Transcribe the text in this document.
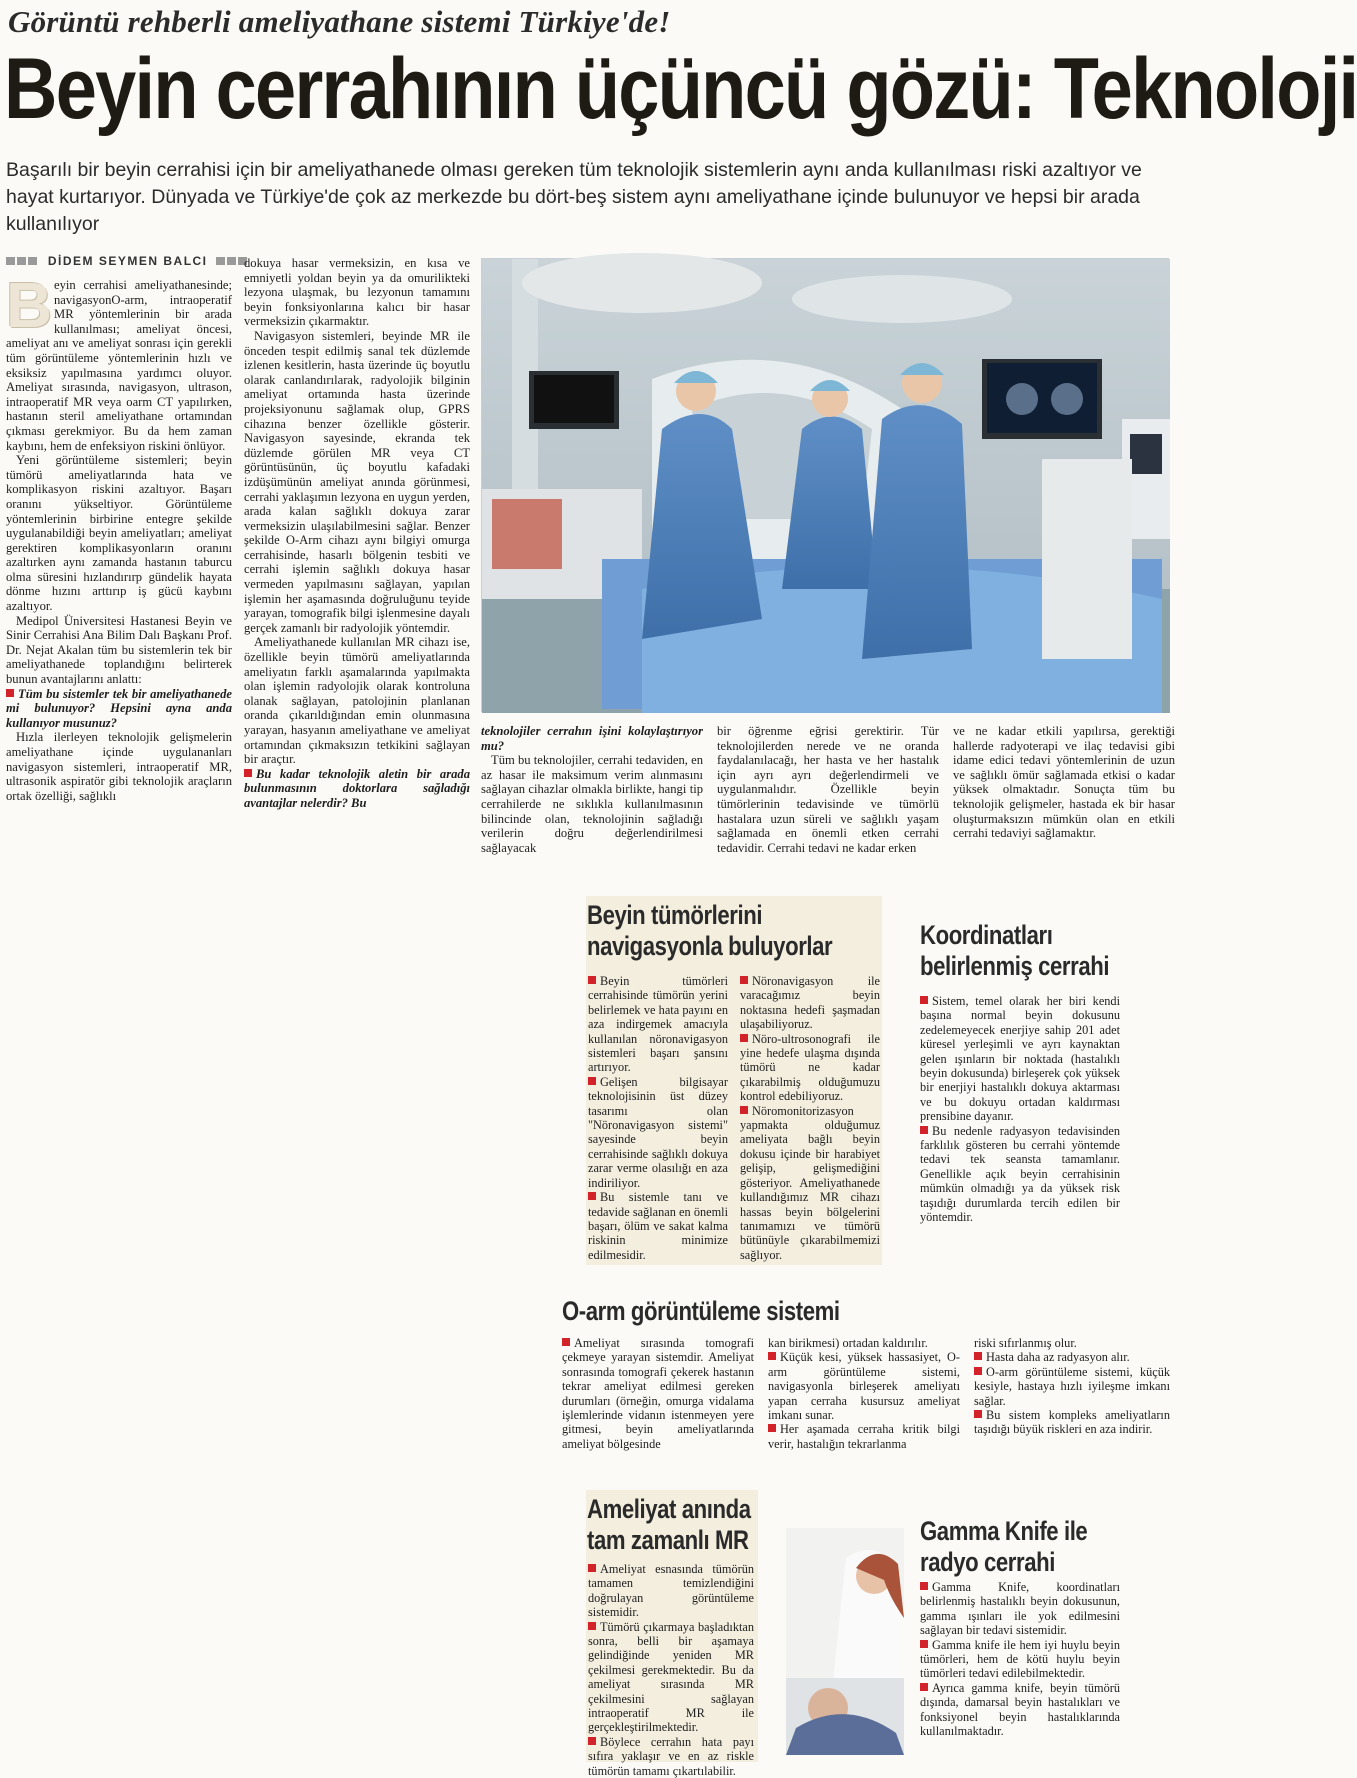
Görüntü rehberli ameliyathane sistemi Türkiye'de!
Beyin cerrahının üçüncü gözü: Teknoloji
Başarılı bir beyin cerrahisi için bir ameliyathanede olması gereken tüm teknolojik sistemlerin aynı anda kullanılması riski azaltıyor ve hayat kurtarıyor. Dünyada ve Türkiye'de çok az merkezde bu dört-beş sistem aynı ameliyathane içinde bulunuyor ve hepsi bir arada kullanılıyor
DİDEM SEYMEN BALCI

Beyin cerrahisi ameliyathanesinde; navigasyonO-arm, intraoperatif MR yöntemlerinin bir arada kullanılması; ameliyat öncesi, ameliyat anı ve ameliyat sonrası için gerekli tüm görüntüleme yöntemlerinin hızlı ve eksiksiz yapılmasına yardımcı oluyor. Ameliyat sırasında, navigasyon, ultrason, intraoperatif MR veya oarm CT yapılırken, hastanın steril ameliyathane ortamından çıkması gerekmiyor. Bu da hem zaman kaybını, hem de enfeksiyon riskini önlüyor.

Yeni görüntüleme sistemleri; beyin tümörü ameliyatlarında hata ve komplikasyon riskini azaltıyor. Başarı oranını yükseltiyor. Görüntüleme yöntemlerinin birbirine entegre şekilde uygulanabildiği beyin ameliyatları; ameliyat gerektiren komplikasyonların oranını azaltırken aynı zamanda hastanın taburcu olma süresini hızlandırırp gündelik hayata dönme hızını arttırıp iş gücü kaybını azaltıyor.

Medipol Üniversitesi Hastanesi Beyin ve Sinir Cerrahisi Ana Bilim Dalı Başkanı Prof. Dr. Nejat Akalan tüm bu sistemlerin tek bir ameliyathanede toplandığını belirterek bunun avantajlarını anlattı:

Tüm bu sistemler tek bir ameliyathanede mi bulunuyor? Hepsini ayna anda kullanıyor musunuz?

Hızla ilerleyen teknolojik gelişmelerin ameliyathane içinde uygulananları navigasyon sistemleri, intraoperatif MR, ultrasonik aspiratör gibi teknolojik araçların ortak özelliği, sağlıklı

dokuya hasar vermeksizin, en kısa ve emniyetli yoldan beyin ya da omurilikteki lezyona ulaşmak, bu lezyonun tamamını beyin fonksiyonlarına kalıcı bir hasar vermeksizin çıkarmaktır.

Navigasyon sistemleri, beyinde MR ile önceden tespit edilmiş sanal tek düzlemde izlenen kesitlerin, hasta üzerinde üç boyutlu olarak canlandırılarak, radyolojik bilginin ameliyat ortamında hasta üzerinde projeksiyonunu sağlamak olup, GPRS cihazına benzer özellikle gösterir. Navigasyon sayesinde, ekranda tek düzlemde görülen MR veya CT görüntüsünün, üç boyutlu kafadaki izdüşümünün ameliyat anında görünmesi, cerrahi yaklaşımın lezyona en uygun yerden, arada kalan sağlıklı dokuya zarar vermeksizin ulaşılabilmesini sağlar. Benzer şekilde O-Arm cihazı aynı bilgiyi omurga cerrahisinde, hasarlı bölgenin tesbiti ve cerrahi işlemin sağlıklı dokuya hasar vermeden yapılmasını sağlayan, yapılan işlemin her aşamasında doğruluğunu teyide yarayan, tomografik bilgi işlenmesine dayalı gerçek zamanlı bir radyolojik yöntemdir.

Ameliyathanede kullanılan MR cihazı ise, özellikle beyin tümörü ameliyatlarında ameliyatın farklı aşamalarında yapılmakta olan işlemin radyolojik olarak kontroluna olanak sağlayan, patolojinin planlanan oranda çıkarıldığından emin olunmasına yarayan, hasyanın ameliyathane ve ameliyat ortamından çıkmaksızın tetkikini sağlayan bir araçtır.

Bu kadar teknolojik aletin bir arada bulunmasının doktorlara sağladığı avantajlar nelerdir? Bu

teknolojiler cerrahın işini kolaylaştırıyor mu?

Tüm bu teknolojiler, cerrahi tedaviden, en az hasar ile maksimum verim alınmasını sağlayan cihazlar olmakla birlikte, hangi tip cerrahilerde ne sıklıkla kullanılmasının bilincinde olan, teknolojinin sağladığı verilerin doğru değerlendirilmesi sağlayacak

bir öğrenme eğrisi gerektirir. Tür teknolojilerden nerede ve ne oranda faydalanılacağı, her hasta ve her hastalık için ayrı ayrı değerlendirmeli ve uygulanmalıdır. Özellikle beyin tümörlerinin tedavisinde ve tümörlü hastalara uzun süreli ve sağlıklı yaşam sağlamada en önemli etken cerrahi tedavidir. Cerrahi tedavi ne kadar erken

ve ne kadar etkili yapılırsa, gerektiği hallerde radyoterapi ve ilaç tedavisi gibi idame edici tedavi yöntemlerinin de uzun ve sağlıklı ömür sağlamada etkisi o kadar yüksek olmaktadır. Sonuçta tüm bu teknolojik gelişmeler, hastada ek bir hasar oluşturmaksızın mümkün olan en etkili cerrahi tedaviyi sağlamaktır.

Beyin tümörlerini
navigasyonla buluyorlar

Beyin tümörleri cerrahisinde tümörün yerini belirlemek ve hata payını en aza indirgemek amacıyla kullanılan nöronavigasyon sistemleri başarı şansını artırıyor.

Gelişen bilgisayar teknolojisinin üst düzey tasarımı olan "Nöronavigasyon sistemi" sayesinde beyin cerrahisinde sağlıklı dokuya zarar verme olasılığı en aza indiriliyor.

Bu sistemle tanı ve tedavide sağlanan en önemli başarı, ölüm ve sakat kalma riskinin minimize edilmesidir.

Nöronavigasyon ile varacağımız beyin noktasına hedefi şaşmadan ulaşabiliyoruz.

Nöro-ultrosonografi ile yine hedefe ulaşma dışında tümörü ne kadar çıkarabilmiş olduğumuzu kontrol edebiliyoruz.

Nöromonitorizasyon yapmakta olduğumuz ameliyata bağlı beyin dokusu içinde bir harabiyet gelişip, gelişmediğini gösteriyor. Ameliyathanede kullandığımız MR cihazı hassas beyin bölgelerini tanımamızı ve tümörü bütünüyle çıkarabilmemizi sağlıyor.

Koordinatları
belirlenmiş cerrahi

Sistem, temel olarak her biri kendi başına normal beyin dokusunu zedelemeyecek enerjiye sahip 201 adet küresel yerleşimli ve ayrı kaynaktan gelen ışınların bir noktada (hastalıklı beyin dokusunda) birleşerek çok yüksek bir enerjiyi hastalıklı dokuya aktarması ve bu dokuyu ortadan kaldırması prensibine dayanır.

Bu nedenle radyasyon tedavisinden farklılık gösteren bu cerrahi yöntemde tedavi tek seansta tamamlanır. Genellikle açık beyin cerrahisinin mümkün olmadığı ya da yüksek risk taşıdığı durumlarda tercih edilen bir yöntemdir.

O-arm görüntüleme sistemi

Ameliyat sırasında tomografi çekmeye yarayan sistemdir. Ameliyat sonrasında tomografi çekerek hastanın tekrar ameliyat edilmesi gereken durumları (örneğin, omurga vidalama işlemlerinde vidanın istenmeyen yere gitmesi, beyin ameliyatlarında ameliyat bölgesinde

kan birikmesi) ortadan kaldırılır.

Küçük kesi, yüksek hassasiyet, O-arm görüntüleme sistemi, navigasyonla birleşerek ameliyatı yapan cerraha kusursuz ameliyat imkanı sunar.

Her aşamada cerraha kritik bilgi verir, hastalığın tekrarlanma

riski sıfırlanmış olur.

Hasta daha az radyasyon alır.

O-arm görüntüleme sistemi, küçük kesiyle, hastaya hızlı iyileşme imkanı sağlar.

Bu sistem kompleks ameliyatların taşıdığı büyük riskleri en aza indirir.

Ameliyat anında
tam zamanlı MR

Ameliyat esnasında tümörün tamamen temizlendiğini doğrulayan görüntüleme sistemidir.

Tümörü çıkarmaya başladıktan sonra, belli bir aşamaya gelindiğinde yeniden MR çekilmesi gerekmektedir. Bu da ameliyat sırasında MR çekilmesini sağlayan intraoperatif MR ile gerçekleştirilmektedir.

Böylece cerrahın hata payı sıfıra yaklaşır ve en az riskle tümörün tamamı çıkartılabilir.

Gamma Knife ile
radyo cerrahi

Gamma Knife, koordinatları belirlenmiş hastalıklı beyin dokusunun, gamma ışınları ile yok edilmesini sağlayan bir tedavi sistemidir.

Gamma knife ile hem iyi huylu beyin tümörleri, hem de kötü huylu beyin tümörleri tedavi edilebilmektedir.

Ayrıca gamma knife, beyin tümörü dışında, damarsal beyin hastalıkları ve fonksiyonel beyin hastalıklarında kullanılmaktadır.
